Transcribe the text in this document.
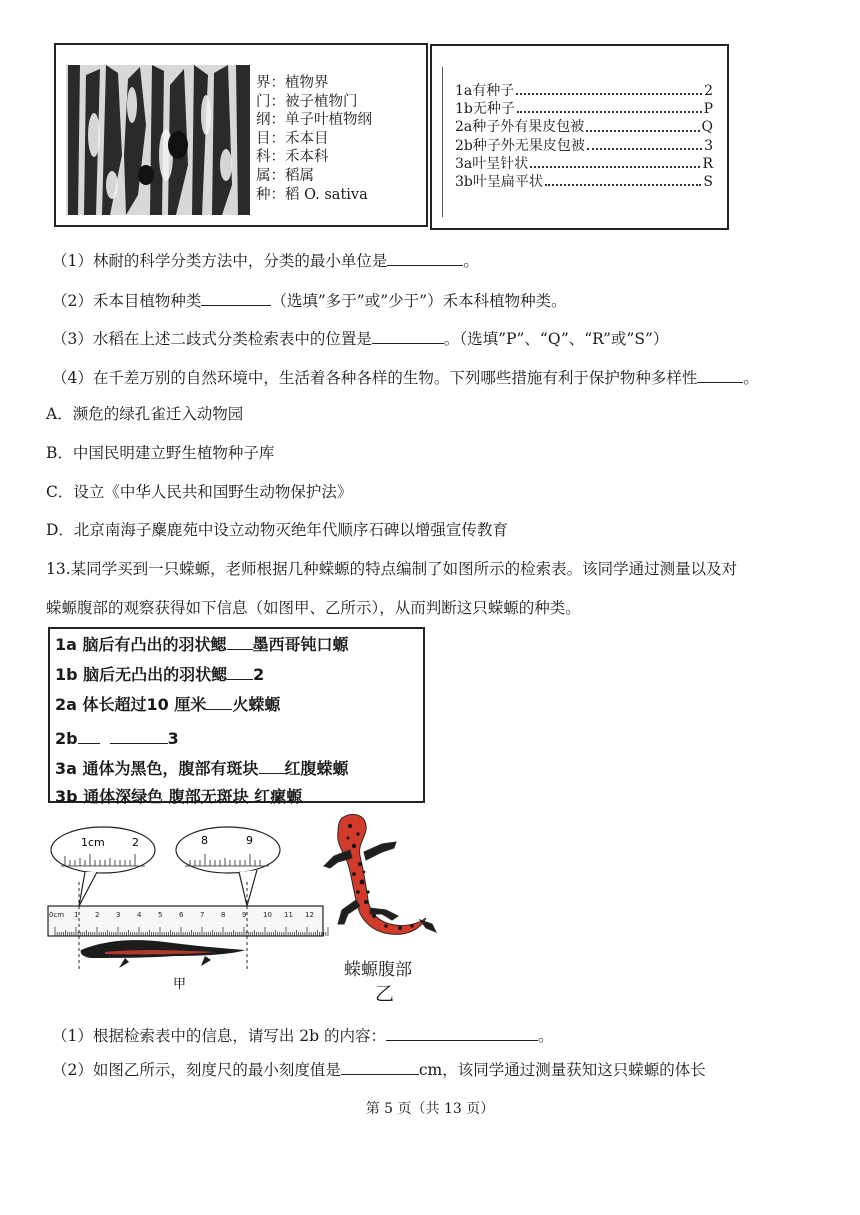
界：植物界
门：被子植物门
纲：单子叶植物纲
目：禾本目
科：禾本科
属：稻属
种：稻 O. sativa
1a有种子	2
1b无种子	P
2a种子外有果皮包被	Q
2b种子外无果皮包被	3
3a叶呈针状	R
3b叶呈扁平状	S
（1）林耐的科学分类方法中，分类的最小单位是	。
（2）禾本目植物种类	（选填”多于”或”少于”）禾本科植物种类。
（3）水稻在上述二歧式分类检索表中的位置是	。（选填”P”、“Q”、“R”或”S”）
（4）在千差万别的自然环境中，生活着各种各样的生物。下列哪些措施有利于保护物种多样性	。
A．濒危的绿孔雀迁入动物园
B．中国民明建立野生植物种子库
C．设立《中华人民共和国野生动物保护法》
D．北京南海子麋鹿苑中设立动物灭绝年代顺序石碑以增强宣传教育
13.某同学买到一只蝾螈，老师根据几种蝾螈的特点编制了如图所示的检索表。该同学通过测量以及对
蝾螈腹部的观察获得如下信息（如图甲、乙所示），从而判断这只蝾螈的种类。
1a 脑后有凸出的羽状鳃 墨西哥钝口螈
1b 脑后无凸出的羽状鳃 2
2a 体长超过10 厘米 火蝾螈
2b	3
3a 通体为黑色，腹部有斑块 红腹蝾螈
3b 通体深绿色 腹部无斑块 红瘰螈
1cm 2	8	9
0cm 1 2 3 4 5 6 7 8 9 10 11 12
甲
蝾螈腹部
乙
（1）根据检索表中的信息，请写出 2b 的内容：	。
（2）如图乙所示，刻度尺的最小刻度值是	cm，该同学通过测量获知这只蝾螈的体长
第 5 页（共 13 页）
